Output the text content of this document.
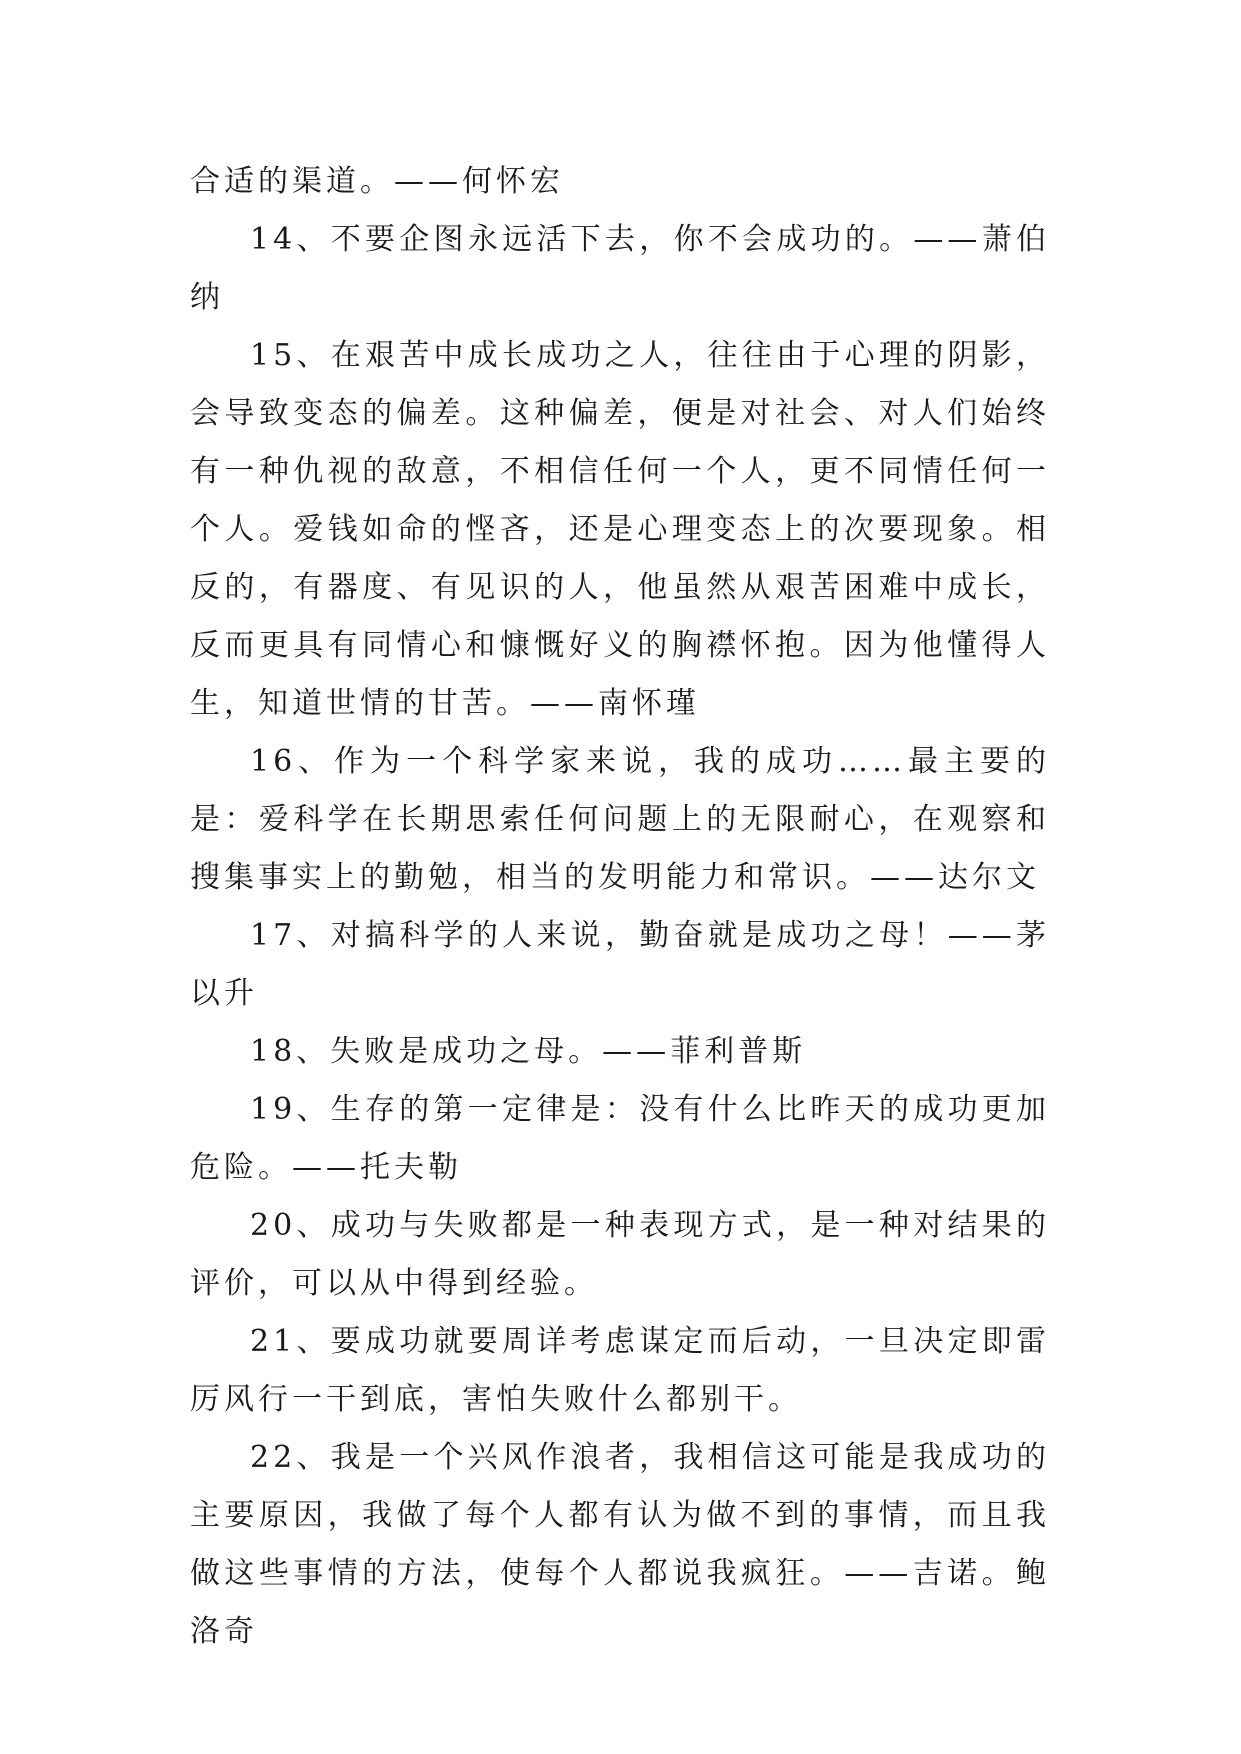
合适的渠道。——何怀宏

14、不要企图永远活下去，你不会成功的。——萧伯纳

15、在艰苦中成长成功之人，往往由于心理的阴影，会导致变态的偏差。这种偏差，便是对社会、对人们始终有一种仇视的敌意，不相信任何一个人，更不同情任何一个人。爱钱如命的悭吝，还是心理变态上的次要现象。相反的，有器度、有见识的人，他虽然从艰苦困难中成长，反而更具有同情心和慷慨好义的胸襟怀抱。因为他懂得人生，知道世情的甘苦。——南怀瑾

16、作为一个科学家来说，我的成功……最主要的是：爱科学在长期思索任何问题上的无限耐心，在观察和搜集事实上的勤勉，相当的发明能力和常识。——达尔文

17、对搞科学的人来说，勤奋就是成功之母！——茅以升

18、失败是成功之母。——菲利普斯

19、生存的第一定律是：没有什么比昨天的成功更加危险。——托夫勒

20、成功与失败都是一种表现方式，是一种对结果的评价，可以从中得到经验。

21、要成功就要周详考虑谋定而后动，一旦决定即雷厉风行一干到底，害怕失败什么都别干。

22、我是一个兴风作浪者，我相信这可能是我成功的主要原因，我做了每个人都有认为做不到的事情，而且我做这些事情的方法，使每个人都说我疯狂。——吉诺。鲍洛奇
